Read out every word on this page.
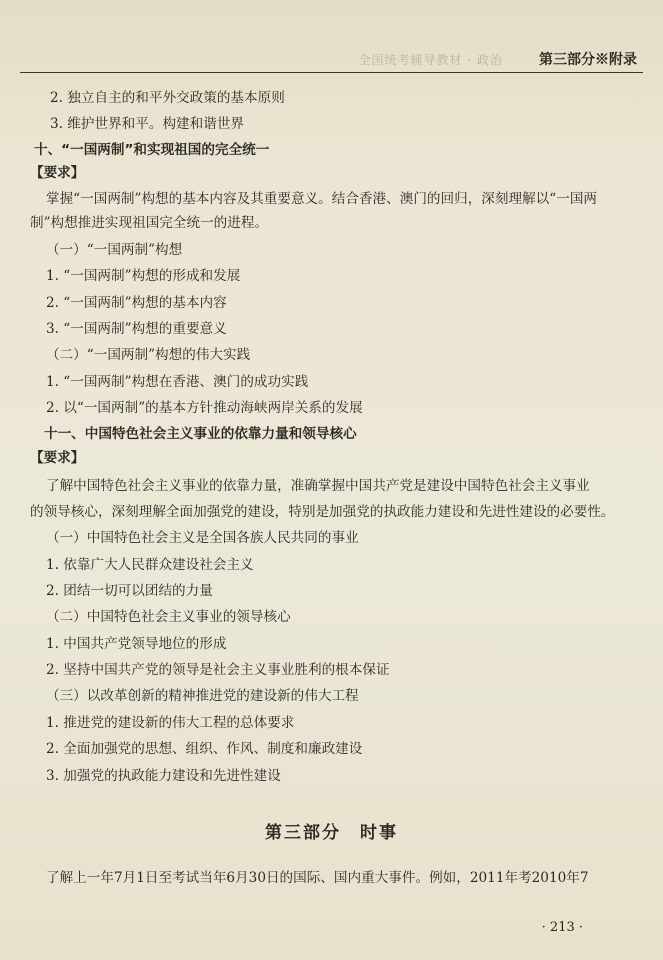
全国统考辅导教材 · 政治	第三部分※附录
2. 独立自主的和平外交政策的基本原则
3. 维护世界和平。构建和谐世界
十、“一国两制”和实现祖国的完全统一
【要求】
掌握“一国两制”构想的基本内容及其重要意义。结合香港、澳门的回归，深刻理解以“一国两
制”构想推进实现祖国完全统一的进程。
（一）“一国两制”构想
1. “一国两制”构想的形成和发展
2. “一国两制”构想的基本内容
3. “一国两制”构想的重要意义
（二）“一国两制”构想的伟大实践
1. “一国两制”构想在香港、澳门的成功实践
2. 以“一国两制”的基本方针推动海峡两岸关系的发展
十一、中国特色社会主义事业的依靠力量和领导核心
【要求】
了解中国特色社会主义事业的依靠力量，准确掌握中国共产党是建设中国特色社会主义事业
的领导核心，深刻理解全面加强党的建设，特别是加强党的执政能力建设和先进性建设的必要性。
（一）中国特色社会主义是全国各族人民共同的事业
1. 依靠广大人民群众建设社会主义
2. 团结一切可以团结的力量
（二）中国特色社会主义事业的领导核心
1. 中国共产党领导地位的形成
2. 坚持中国共产党的领导是社会主义事业胜利的根本保证
（三）以改革创新的精神推进党的建设新的伟大工程
1. 推进党的建设新的伟大工程的总体要求
2. 全面加强党的思想、组织、作风、制度和廉政建设
3. 加强党的执政能力建设和先进性建设
第三部分　时事
了解上一年7月1日至考试当年6月30日的国际、国内重大事件。例如，2011年考2010年7
· 213 ·
